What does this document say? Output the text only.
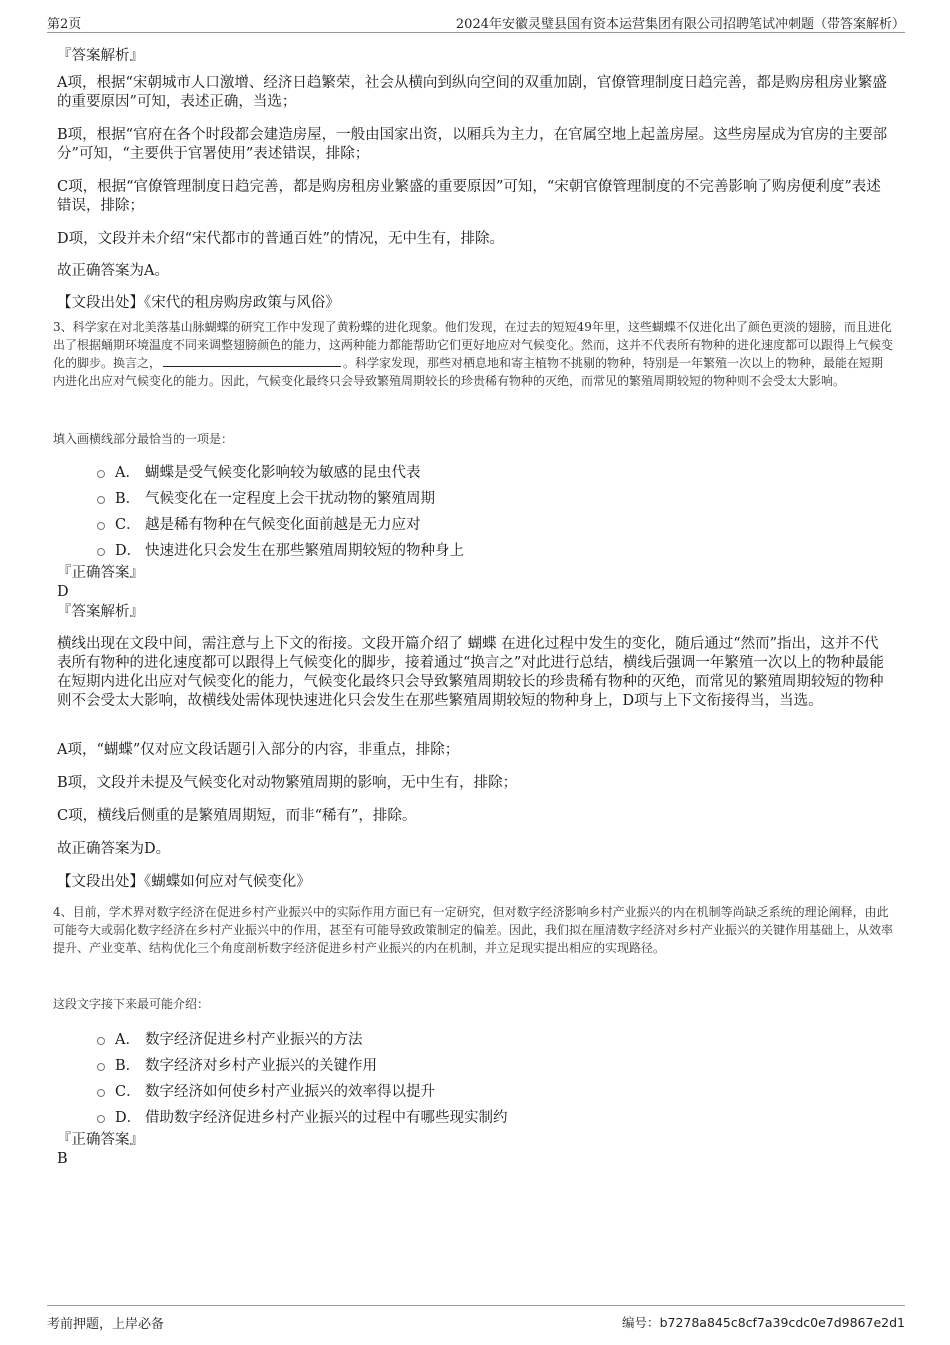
第2页	2024年安徽灵璧县国有资本运营集团有限公司招聘笔试冲刺题（带答案解析）
『答案解析』
A项，根据“宋朝城市人口激增、经济日趋繁荣，社会从横向到纵向空间的双重加剧，官僚管理制度日趋完善，都是购房租房业繁盛的重要原因”可知，表述正确，当选；
B项，根据“官府在各个时段都会建造房屋，一般由国家出资，以厢兵为主力，在官属空地上起盖房屋。这些房屋成为官房的主要部分”可知，“主要供于官署使用”表述错误，排除；
C项，根据“官僚管理制度日趋完善，都是购房租房业繁盛的重要原因”可知，“宋朝官僚管理制度的不完善影响了购房便利度”表述错误，排除；
D项，文段并未介绍“宋代都市的普通百姓”的情况，无中生有，排除。
故正确答案为A。
【文段出处】《宋代的租房购房政策与风俗》
3、科学家在对北美落基山脉蝴蝶的研究工作中发现了黄粉蝶的进化现象。他们发现，在过去的短短49年里，这些蝴蝶不仅进化出了颜色更淡的翅膀，而且进化出了根据蛹期环境温度不同来调整翅膀颜色的能力，这两种能力都能帮助它们更好地应对气候变化。然而，这并不代表所有物种的进化速度都可以跟得上气候变化的脚步。换言之，	。科学家发现，那些对栖息地和寄主植物不挑剔的物种，特别是一年繁殖一次以上的物种，最能在短期内进化出应对气候变化的能力。因此，气候变化最终只会导致繁殖周期较长的珍贵稀有物种的灭绝，而常见的繁殖周期较短的物种则不会受太大影响。
填入画横线部分最恰当的一项是：
A． 蝴蝶是受气候变化影响较为敏感的昆虫代表
B． 气候变化在一定程度上会干扰动物的繁殖周期
C． 越是稀有物种在气候变化面前越是无力应对
D． 快速进化只会发生在那些繁殖周期较短的物种身上
『正确答案』
D
『答案解析』
横线出现在文段中间，需注意与上下文的衔接。文段开篇介绍了 蝴蝶 在进化过程中发生的变化，随后通过“然而”指出，这并不代表所有物种的进化速度都可以跟得上气候变化的脚步，接着通过“换言之”对此进行总结，横线后强调一年繁殖一次以上的物种最能在短期内进化出应对气候变化的能力，气候变化最终只会导致繁殖周期较长的珍贵稀有物种的灭绝，而常见的繁殖周期较短的物种则不会受太大影响，故横线处需体现快速进化只会发生在那些繁殖周期较短的物种身上，D项与上下文衔接得当，当选。
A项，“蝴蝶”仅对应文段话题引入部分的内容，非重点，排除；
B项，文段并未提及气候变化对动物繁殖周期的影响，无中生有，排除；
C项，横线后侧重的是繁殖周期短，而非“稀有”，排除。
故正确答案为D。
【文段出处】《蝴蝶如何应对气候变化》
4、目前，学术界对数字经济在促进乡村产业振兴中的实际作用方面已有一定研究，但对数字经济影响乡村产业振兴的内在机制等尚缺乏系统的理论阐释，由此可能夸大或弱化数字经济在乡村产业振兴中的作用，甚至有可能导致政策制定的偏差。因此，我们拟在厘清数字经济对乡村产业振兴的关键作用基础上，从效率提升、产业变革、结构优化三个角度剖析数字经济促进乡村产业振兴的内在机制，并立足现实提出相应的实现路径。
这段文字接下来最可能介绍：
A． 数字经济促进乡村产业振兴的方法
B． 数字经济对乡村产业振兴的关键作用
C． 数字经济如何使乡村产业振兴的效率得以提升
D． 借助数字经济促进乡村产业振兴的过程中有哪些现实制约
『正确答案』
B
考前押题，上岸必备	编号：b7278a845c8cf7a39cdc0e7d9867e2d1
